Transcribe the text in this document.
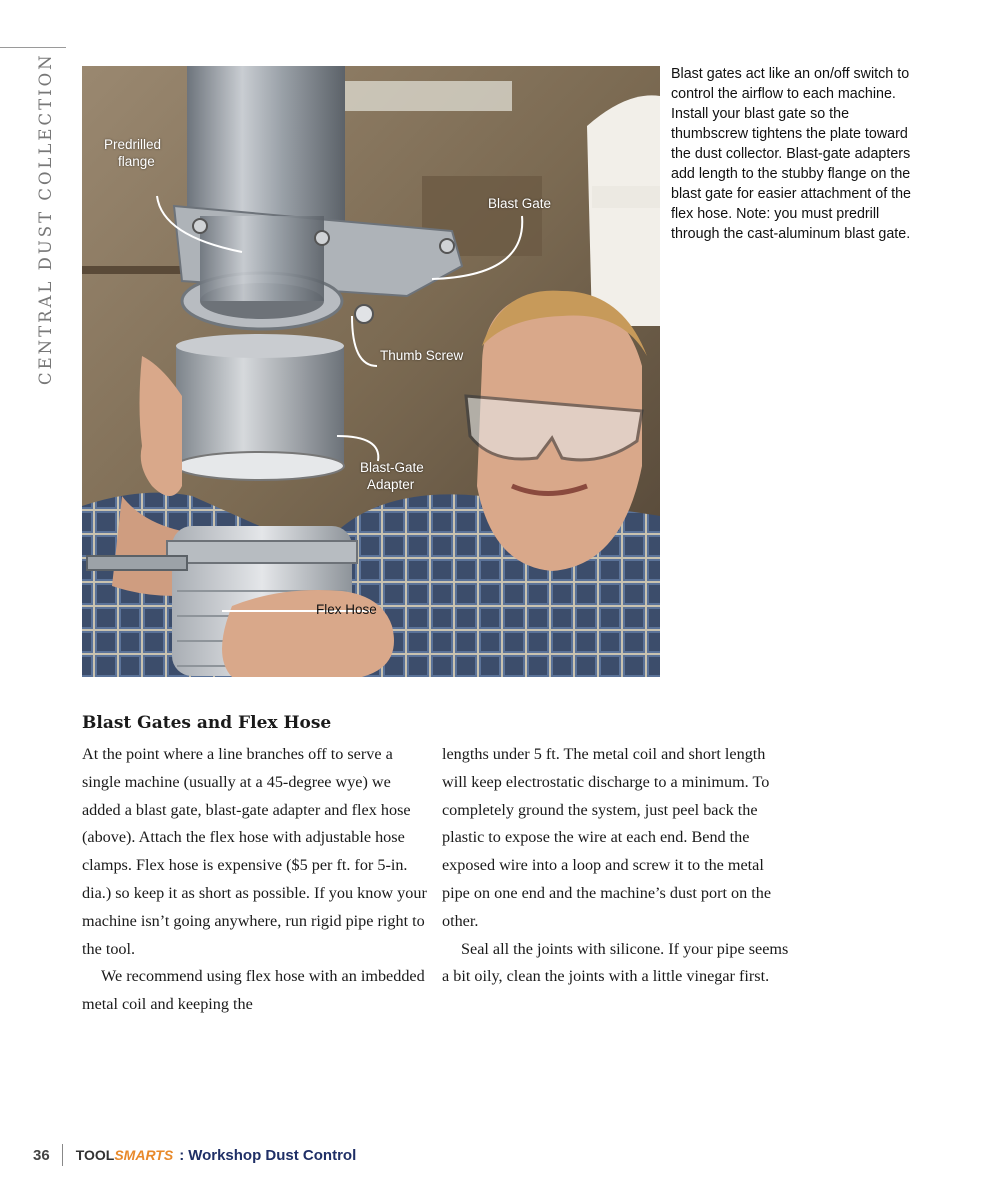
CENTRAL DUST COLLECTION	Predrilled
flange
Blast Gate
Thumb Screw
Blast-Gate
Adapter
Flex Hose
Blast gates act like an on/off switch to control the airflow to each machine. Install your blast gate so the thumbscrew tightens the plate toward the dust collector. Blast-gate adapters add length to the stubby flange on the blast gate for easier attachment of the flex hose. Note: you must predrill through the cast-aluminum blast gate.
Blast Gates and Flex Hose

At the point where a line branches off to serve a single machine (usually at a 45-degree wye) we added a blast gate, blast-gate adapter and flex hose (above). Attach the flex hose with adjustable hose clamps. Flex hose is expensive ($5 per ft. for 5-in. dia.) so keep it as short as possible. If you know your machine isn’t going anywhere, run rigid pipe right to the tool.

We recommend using flex hose with an imbedded metal coil and keeping the

lengths under 5 ft. The metal coil and short length will keep electrostatic discharge to a minimum. To completely ground the system, just peel back the plastic to expose the wire at each end. Bend the exposed wire into a loop and screw it to the metal pipe on one end and the machine’s dust port on the other.

Seal all the joints with silicone. If your pipe seems a bit oily, clean the joints with a little vinegar first.

36 TOOL SMARTS : Workshop Dust Control
